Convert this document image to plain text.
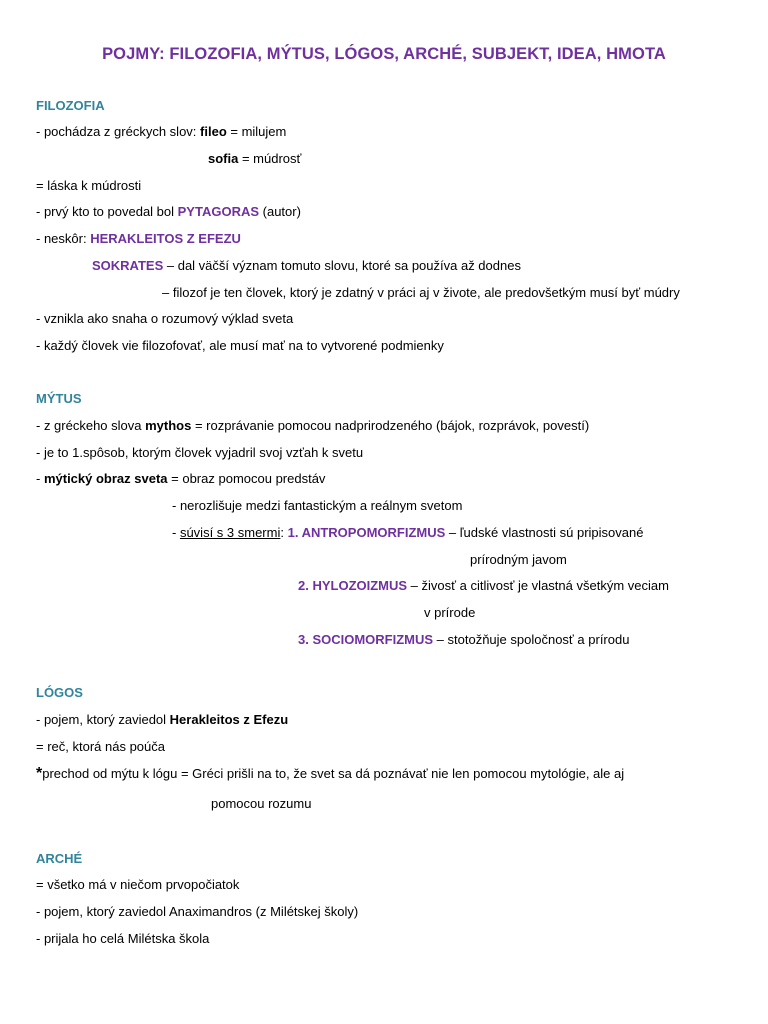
POJMY: FILOZOFIA, MÝTUS, LÓGOS, ARCHÉ, SUBJEKT, IDEA, HMOTA
FILOZOFIA
- pochádza z gréckych slov: fileo = milujem
sofia = múdrosť
= láska k múdrosti
- prvý kto to povedal bol PYTAGORAS (autor)
- neskôr: HERAKLEITOS Z EFEZU
SOKRATES – dal väčší význam tomuto slovu, ktoré sa používa až dodnes
– filozof je ten človek, ktorý je zdatný v práci aj v živote, ale predovšetkým musí byť múdry
- vznikla ako snaha o rozumový výklad sveta
- každý človek vie filozofovať, ale musí mať na to vytvorené podmienky
MÝTUS
- z gréckeho slova mythos = rozprávanie pomocou nadprirodzeného (bájok, rozprávok, povestí)
- je to 1.spôsob, ktorým človek vyjadril svoj vzťah k svetu
- mýtický obraz sveta = obraz pomocou predstáv
- nerozlišuje medzi fantastickým a reálnym svetom
- súvisí s 3 smermi: 1. ANTROPOMORFIZMUS – ľudské vlastnosti sú pripisované
prírodným javom
2. HYLOZOIZMUS – živosť a citlivosť je vlastná všetkým veciam
v prírode
3. SOCIOMORFIZMUS – stotožňuje spoločnosť a prírodu
LÓGOS
- pojem, ktorý zaviedol Herakleitos z Efezu
= reč, ktorá nás poúča
*prechod od mýtu k lógu = Gréci prišli na to, že svet sa dá poznávať nie len pomocou mytológie, ale aj
pomocou rozumu
ARCHÉ
= všetko má v niečom prvopočiatok
- pojem, ktorý zaviedol Anaximandros (z Milétskej školy)
- prijala ho celá Milétska škola
